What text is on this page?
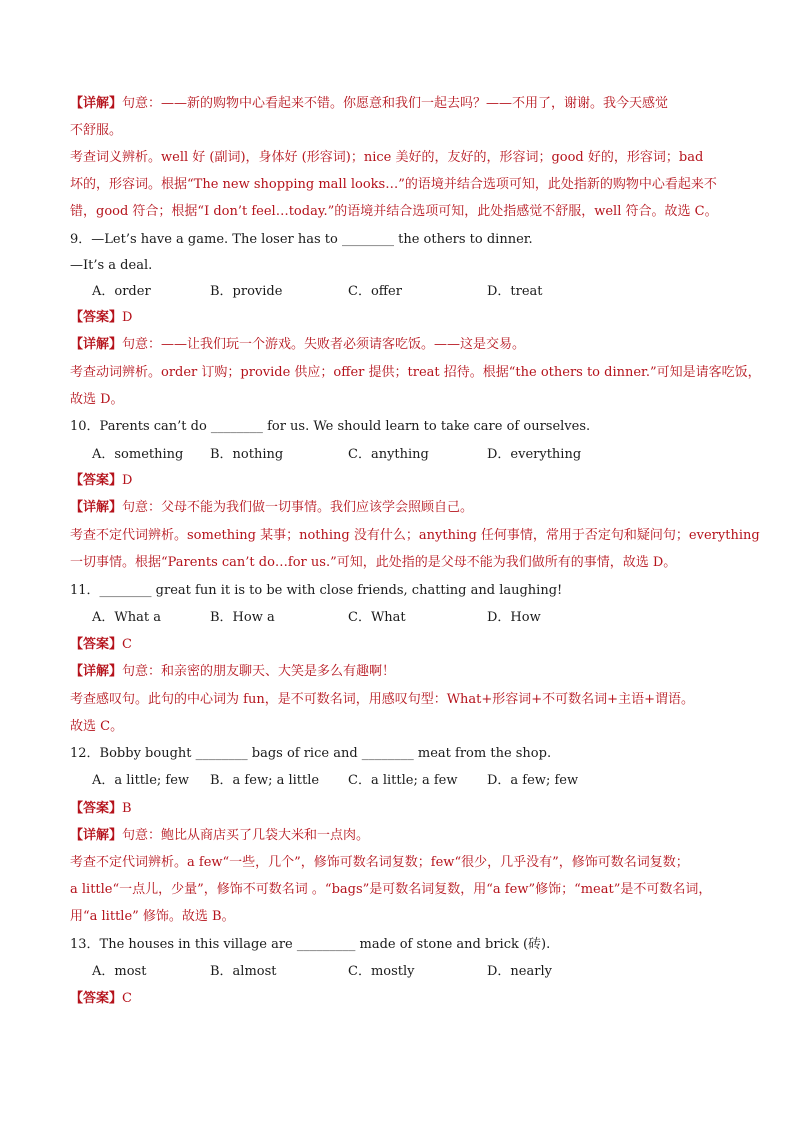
【详解】句意：——新的购物中心看起来不错。你愿意和我们一起去吗？——不用了，谢谢。我今天感觉
不舒服。
考查词义辨析。well 好 (副词)，身体好 (形容词)；nice 美好的，友好的，形容词；good 好的，形容词；bad
坏的，形容词。根据“The new shopping mall looks…”的语境并结合选项可知，此处指新的购物中心看起来不
错，good 符合；根据“I don’t feel…today.”的语境并结合选项可知，此处指感觉不舒服，well 符合。故选 C。
9．—Let’s have a game. The loser has to ________ the others to dinner.
—It’s a deal.
【详解】句意：——让我们玩一个游戏。失败者必须请客吃饭。——这是交易。
考查动词辨析。order 订购；provide 供应；offer 提供；treat 招待。根据“the others to dinner.”可知是请客吃饭，
故选 D。
10．Parents can’t do ________ for us. We should learn to take care of ourselves.
【详解】句意：父母不能为我们做一切事情。我们应该学会照顾自己。
考查不定代词辨析。something 某事；nothing 没有什么；anything 任何事情，常用于否定句和疑问句；everything
一切事情。根据“Parents can’t do…for us.”可知，此处指的是父母不能为我们做所有的事情，故选 D。
11．________ great fun it is to be with close friends, chatting and laughing!
【详解】句意：和亲密的朋友聊天、大笑是多么有趣啊！
考查感叹句。此句的中心词为 fun，是不可数名词，用感叹句型：What+形容词+不可数名词+主语+谓语。
故选 C。
12．Bobby bought ________ bags of rice and ________ meat from the shop.
【详解】句意：鲍比从商店买了几袋大米和一点肉。
考查不定代词辨析。a few“一些，几个”，修饰可数名词复数；few“很少，几乎没有”，修饰可数名词复数；
a little“一点儿，少量”，修饰不可数名词 。“bags”是可数名词复数，用“a few”修饰；“meat”是不可数名词，
用“a little” 修饰。故选 B。
13．The houses in this village are _________ made of stone and brick (砖).
【答案】D
【答案】D
【答案】C
【答案】B
【答案】C
A．order	B．provide	C．offer	D．treat
A．something B．nothing	C．anything	D．everything
A．What a	B．How a	C．What	D．How
A．a little; few B．a few; a little C．a little; a few D．a few; few
A．most	B．almost	C．mostly	D．nearly
